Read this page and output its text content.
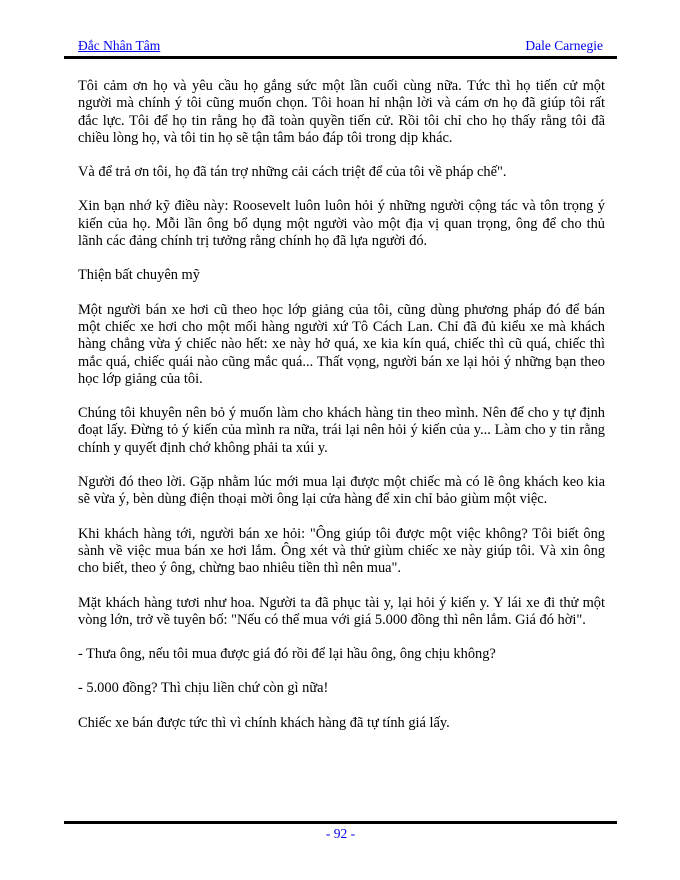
Đắc Nhân Tâm	Dale Carnegie

Tôi cảm ơn họ và yêu cầu họ gắng sức một lần cuối cùng nữa. Tức thì họ tiến cử một người mà chính ý tôi cũng muốn chọn. Tôi hoan hỉ nhận lời và cám ơn họ đã giúp tôi rất đắc lực. Tôi để họ tin rằng họ đã toàn quyền tiến cử. Rồi tôi chỉ cho họ thấy rằng tôi đã chiều lòng họ, và tôi tin họ sẽ tận tâm báo đáp tôi trong dịp khác.

Và để trả ơn tôi, họ đã tán trợ những cải cách triệt để của tôi về pháp chế".

Xin bạn nhớ kỹ điều này: Roosevelt luôn luôn hỏi ý những người cộng tác và tôn trọng ý kiến của họ. Mỗi lần ông bổ dụng một người vào một địa vị quan trọng, ông để cho thủ lãnh các đảng chính trị tưởng rằng chính họ đã lựa người đó.

Thiện bất chuyên mỹ

Một người bán xe hơi cũ theo học lớp giảng của tôi, cũng dùng phương pháp đó để bán một chiếc xe hơi cho một mối hàng người xứ Tô Cách Lan. Chỉ đã đủ kiểu xe mà khách hàng chẳng vừa ý chiếc nào hết: xe này hở quá, xe kia kín quá, chiếc thì cũ quá, chiếc thì mắc quá, chiếc quái nào cũng mắc quá... Thất vọng, người bán xe lại hỏi ý những bạn theo học lớp giảng của tôi.

Chúng tôi khuyên nên bỏ ý muốn làm cho khách hàng tin theo mình. Nên để cho y tự định đoạt lấy. Đừng tỏ ý kiến của mình ra nữa, trái lại nên hỏi ý kiến của y... Làm cho y tin rằng chính y quyết định chớ không phải ta xúi y.

Người đó theo lời. Gặp nhằm lúc mới mua lại được một chiếc mà có lẽ ông khách keo kia sẽ vừa ý, bèn dùng điện thoại mời ông lại cửa hàng để xin chỉ bảo giùm một việc.

Khi khách hàng tới, người bán xe hỏi: "Ông giúp tôi được một việc không? Tôi biết ông sành về việc mua bán xe hơi lắm. Ông xét và thử giùm chiếc xe này giúp tôi. Và xin ông cho biết, theo ý ông, chừng bao nhiêu tiền thì nên mua".

Mặt khách hàng tươi như hoa. Người ta đã phục tài y, lại hỏi ý kiến y. Y lái xe đi thử một vòng lớn, trở về tuyên bố: "Nếu có thể mua với giá 5.000 đồng thì nên lắm. Giá đó hời".

- Thưa ông, nếu tôi mua được giá đó rồi để lại hầu ông, ông chịu không?

- 5.000 đồng? Thì chịu liền chứ còn gì nữa!

Chiếc xe bán được tức thì vì chính khách hàng đã tự tính giá lấy.

- 92 -
